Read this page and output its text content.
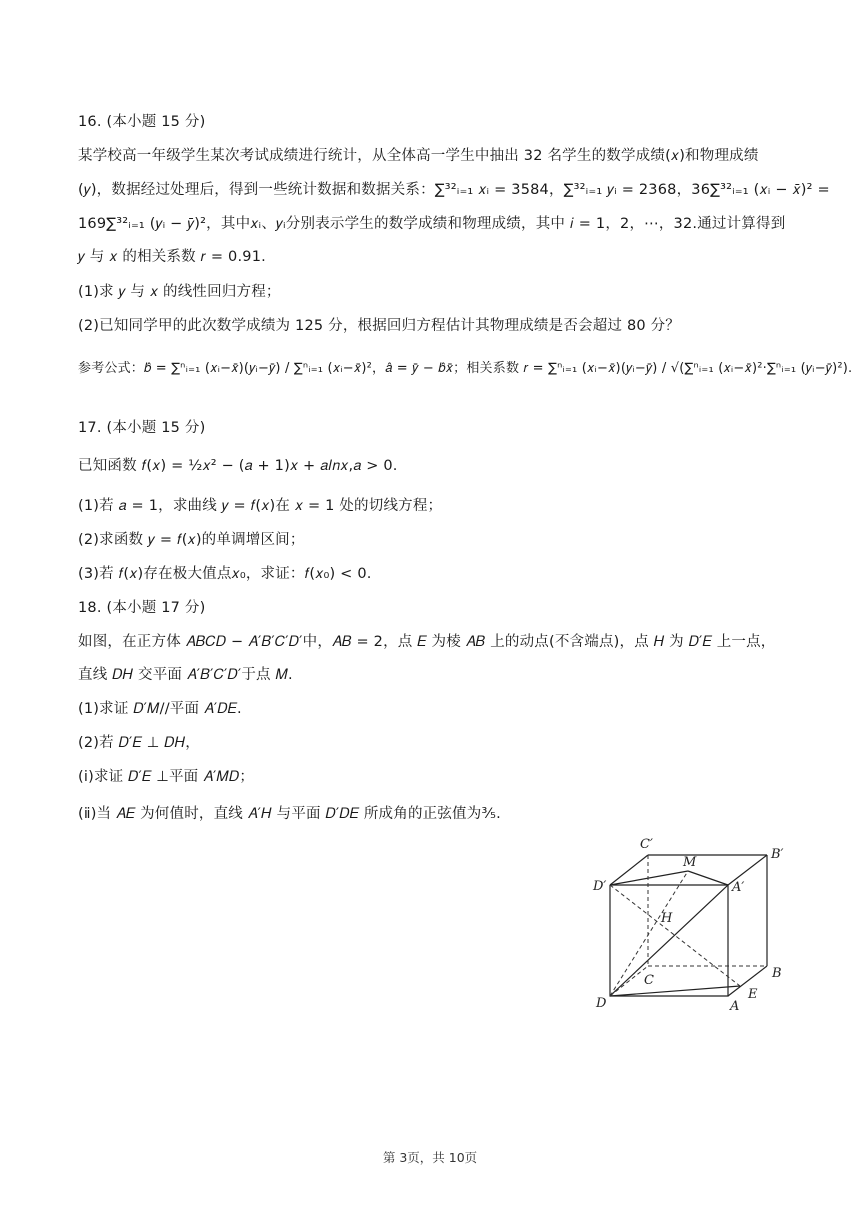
16. (本小题 15 分)
某学校高一年级学生某次考试成绩进行统计，从全体高一学生中抽出 32 名学生的数学成绩(𝑥)和物理成绩
(𝑦)，数据经过处理后，得到一些统计数据和数据关系：∑³²ᵢ₌₁ 𝑥ᵢ = 3584，∑³²ᵢ₌₁ 𝑦ᵢ = 2368，36∑³²ᵢ₌₁ (𝑥ᵢ − 𝑥̄)² =
169∑³²ᵢ₌₁ (𝑦ᵢ − 𝑦̄)²，其中𝑥ᵢ、𝑦ᵢ分别表示学生的数学成绩和物理成绩，其中 𝑖 = 1，2，⋯，32.通过计算得到
𝑦 与 𝑥 的相关系数 𝑟 = 0.91.
(1)求 𝑦 与 𝑥 的线性回归方程；
(2)已知同学甲的此次数学成绩为 125 分，根据回归方程估计其物理成绩是否会超过 80 分？
参考公式：𝑏̂ = ∑ⁿᵢ₌₁ (𝑥ᵢ−𝑥̄)(𝑦ᵢ−𝑦̄) / ∑ⁿᵢ₌₁ (𝑥ᵢ−𝑥̄)²，𝑎̂ = 𝑦̄ − 𝑏̂𝑥̄；相关系数 𝑟 = ∑ⁿᵢ₌₁ (𝑥ᵢ−𝑥̄)(𝑦ᵢ−𝑦̄) / √(∑ⁿᵢ₌₁ (𝑥ᵢ−𝑥̄)²·∑ⁿᵢ₌₁ (𝑦ᵢ−𝑦̄)²).
17. (本小题 15 分)
已知函数 𝑓(𝑥) = ½𝑥² − (𝑎 + 1)𝑥 + 𝑎𝑙𝑛𝑥,𝑎 > 0.
(1)若 𝑎 = 1，求曲线 𝑦 = 𝑓(𝑥)在 𝑥 = 1 处的切线方程；
(2)求函数 𝑦 = 𝑓(𝑥)的单调增区间；
(3)若 𝑓(𝑥)存在极大值点𝑥₀，求证：𝑓(𝑥₀) < 0.
18. (本小题 17 分)
如图，在正方体 𝐴𝐵𝐶𝐷 − 𝐴′𝐵′𝐶′𝐷′中，𝐴𝐵 = 2，点 𝐸 为棱 𝐴𝐵 上的动点(不含端点)，点 𝐻 为 𝐷′𝐸 上一点，
直线 𝐷𝐻 交平面 𝐴′𝐵′𝐶′𝐷′于点 𝑀.
(1)求证 𝐷′𝑀//平面 𝐴′𝐷𝐸.
(2)若 𝐷′𝐸 ⊥ 𝐷𝐻，
(ⅰ)求证 𝐷′𝐸 ⊥平面 𝐴′𝑀𝐷；
(ⅱ)当 𝐴𝐸 为何值时，直线 𝐴′𝐻 与平面 𝐷′𝐷𝐸 所成角的正弦值为³⁄₅.
C′
B′
M
D′	A′
H
B
C
E
D	A
第 3页，共 10页
